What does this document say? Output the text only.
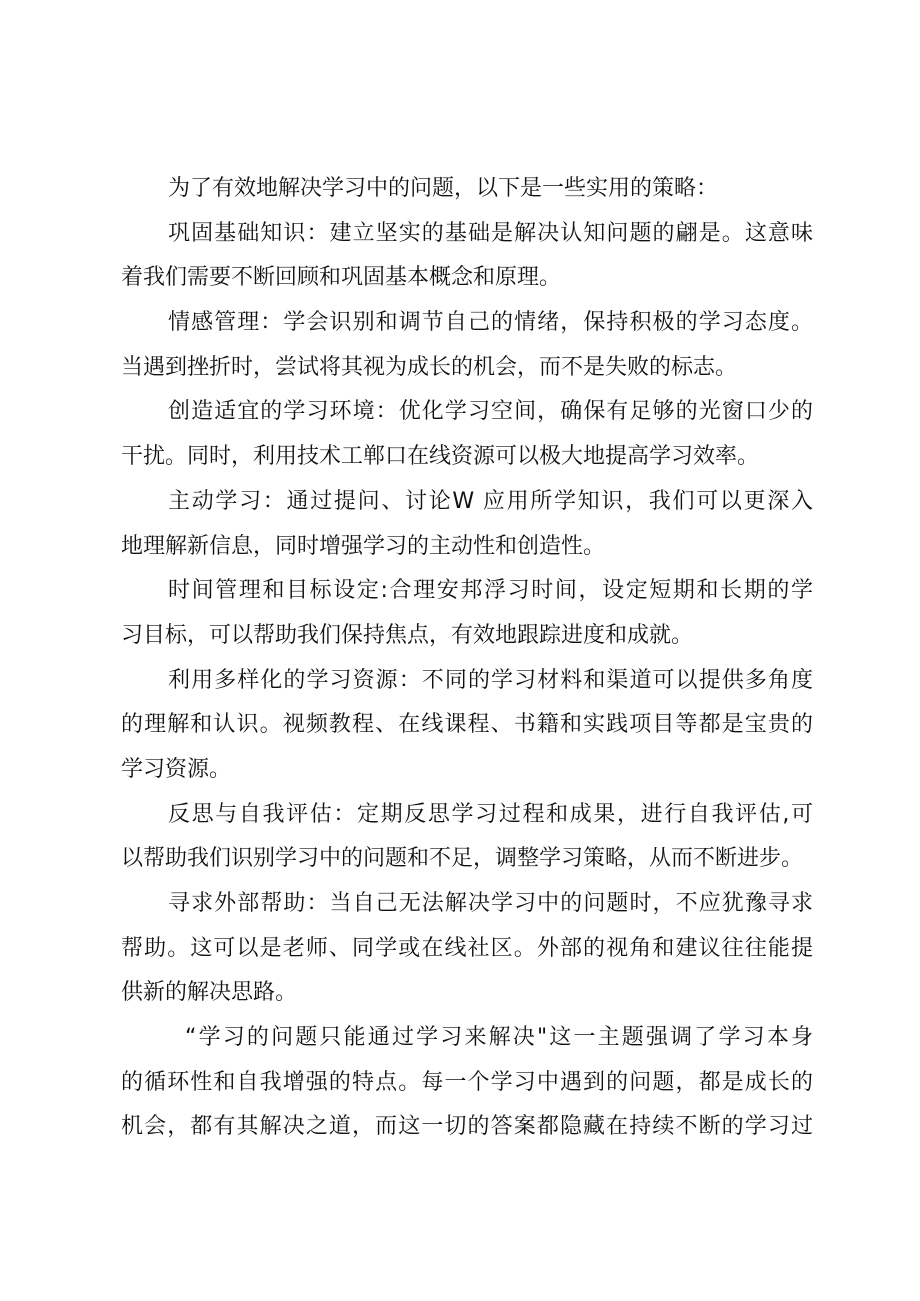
为了有效地解决学习中的问题，以下是一些实用的策略：
巩固基础知识：建立坚实的基础是解决认知问题的翩是。这意味
着我们需要不断回顾和巩固基本概念和原理。
情感管理：学会识别和调节自己的情绪，保持积极的学习态度。
当遇到挫折时，尝试将其视为成长的机会，而不是失败的标志。
创造适宜的学习环境：优化学习空间，确保有足够的光窗口少的
干扰。同时，利用技术工郸口在线资源可以极大地提高学习效率。
主动学习：通过提问、讨论W 应用所学知识，我们可以更深入
地理解新信息，同时增强学习的主动性和创造性。
时间管理和目标设定:合理安邦浮习时间，设定短期和长期的学
习目标，可以帮助我们保持焦点，有效地跟踪进度和成就。
利用多样化的学习资源：不同的学习材料和渠道可以提供多角度
的理解和认识。视频教程、在线课程、书籍和实践项目等都是宝贵的
学习资源。
反思与自我评估：定期反思学习过程和成果，进行自我评估,可
以帮助我们识别学习中的问题和不足，调整学习策略，从而不断进步。
寻求外部帮助：当自己无法解决学习中的问题时，不应犹豫寻求
帮助。这可以是老师、同学或在线社区。外部的视角和建议往往能提
供新的解决思路。
“学习的问题只能通过学习来解决"这一主题强调了学习本身
的循环性和自我增强的特点。每一个学习中遇到的问题，都是成长的
机会，都有其解决之道，而这一切的答案都隐藏在持续不断的学习过
